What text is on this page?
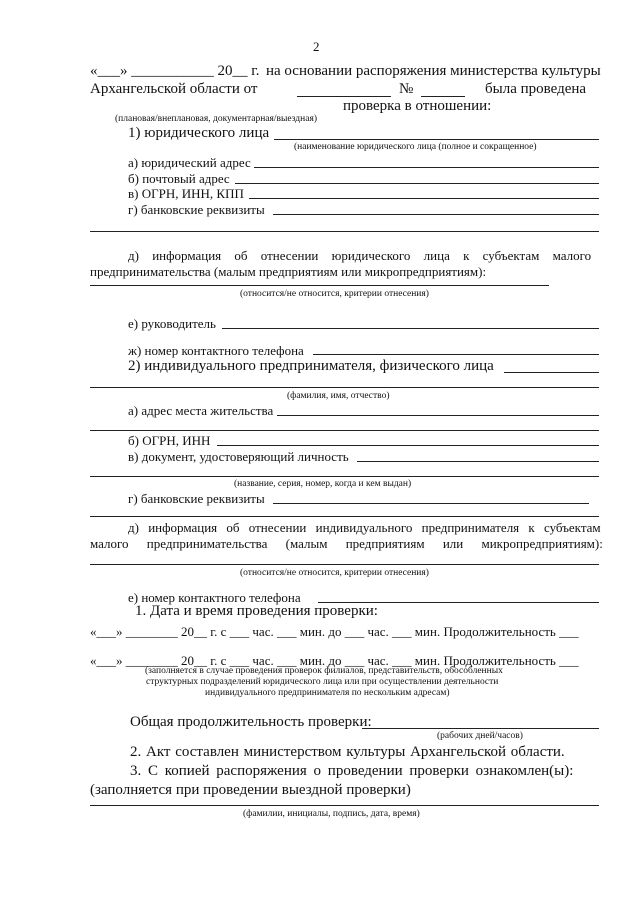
2
«___» ___________ 20__ г. на основании распоряжения министерства культуры
Архангельской области от	№	была проведена
(плановая/внеплановая, документарная/выездная)
проверка в отношении:
1) юридического лица
(наименование юридического лица (полное и сокращенное)
а) юридический адрес
б) почтовый адрес
в) ОГРН, ИНН, КПП
г) банковские реквизиты
д) информация об отнесении юридического лица к субъектам малого
предпринимательства (малым предприятиям или микропредприятиям):
(относится/не относится, критерии отнесения)
е) руководитель
ж) номер контактного телефона
2) индивидуального предпринимателя, физического лица
(фамилия, имя, отчество)
а) адрес места жительства
б) ОГРН, ИНН
в) документ, удостоверяющий личность
(название, серия, номер, когда и кем выдан)
г) банковские реквизиты
д) информация об отнесении индивидуального предпринимателя к субъектам
малого предпринимательства (малым предприятиям или микропредприятиям):
(относится/не относится, критерии отнесения)
е) номер контактного телефона
1. Дата и время проведения проверки:
«___» ________ 20__ г. с ___ час. ___ мин. до ___ час. ___ мин. Продолжительность ___
«___» ________ 20__ г. с ___ час. ___ мин. до ___ час. ___ мин. Продолжительность ___
(заполняется в случае проведения проверок филиалов, представительств, обособленных
структурных подразделений юридического лица или при осуществлении деятельности
индивидуального предпринимателя по нескольким адресам)
Общая продолжительность проверки:
(рабочих дней/часов)
2. Акт составлен министерством культуры Архангельской области.
3. С копией распоряжения о проведении проверки ознакомлен(ы):
(заполняется при проведении выездной проверки)
(фамилии, инициалы, подпись, дата, время)
